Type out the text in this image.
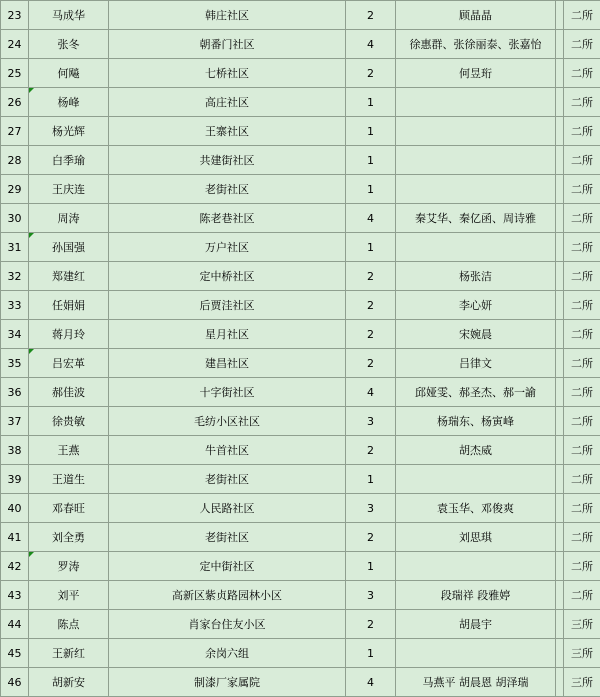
23	马成华	韩庄社区	2	顾晶晶		二所
24	张冬	朝番门社区	4	徐惠群、张徐丽泰、张嘉怡		二所
25	何飚	七桥社区	2	何昱珩		二所
26	杨峰	高庄社区	1			二所
27	杨光辉	王寨社区	1			二所
28	白季瑜	共建街社区	1			二所
29	王庆连	老街社区	1			二所
30	周涛	陈老巷社区	4	秦艾华、秦亿函、周诗雅		二所
31	孙国强	万户社区	1			二所
32	郑建红	定中桥社区	2	杨张洁		二所
33	任娟娟	后贾洼社区	2	李心妍		二所
34	蒋月玲	星月社区	2	宋婉晨		二所
35	吕宏革	建昌社区	2	吕律文		二所
36	郝佳波	十字街社区	4	邱娅雯、郝圣杰、郝一諭		二所
37	徐贵敏	毛纺小区社区	3	杨瑞东、杨寅峰		二所
38	王燕	牛首社区	2	胡杰威		二所
39	王道生	老街社区	1			二所
40	邓春旺	人民路社区	3	袁玉华、邓俊爽		二所
41	刘全勇	老街社区	2	刘思琪		二所
42	罗涛	定中街社区	1			二所
43	刘平	高新区紫贞路园林小区	3	段瑞祥 段雅婷		二所
44	陈点	肖家台住友小区	2	胡晨宇		三所
45	王新红	余岗六组	1			三所
46	胡新安	制漆厂家属院	4	马燕平 胡晨恩 胡泽瑞		三所
